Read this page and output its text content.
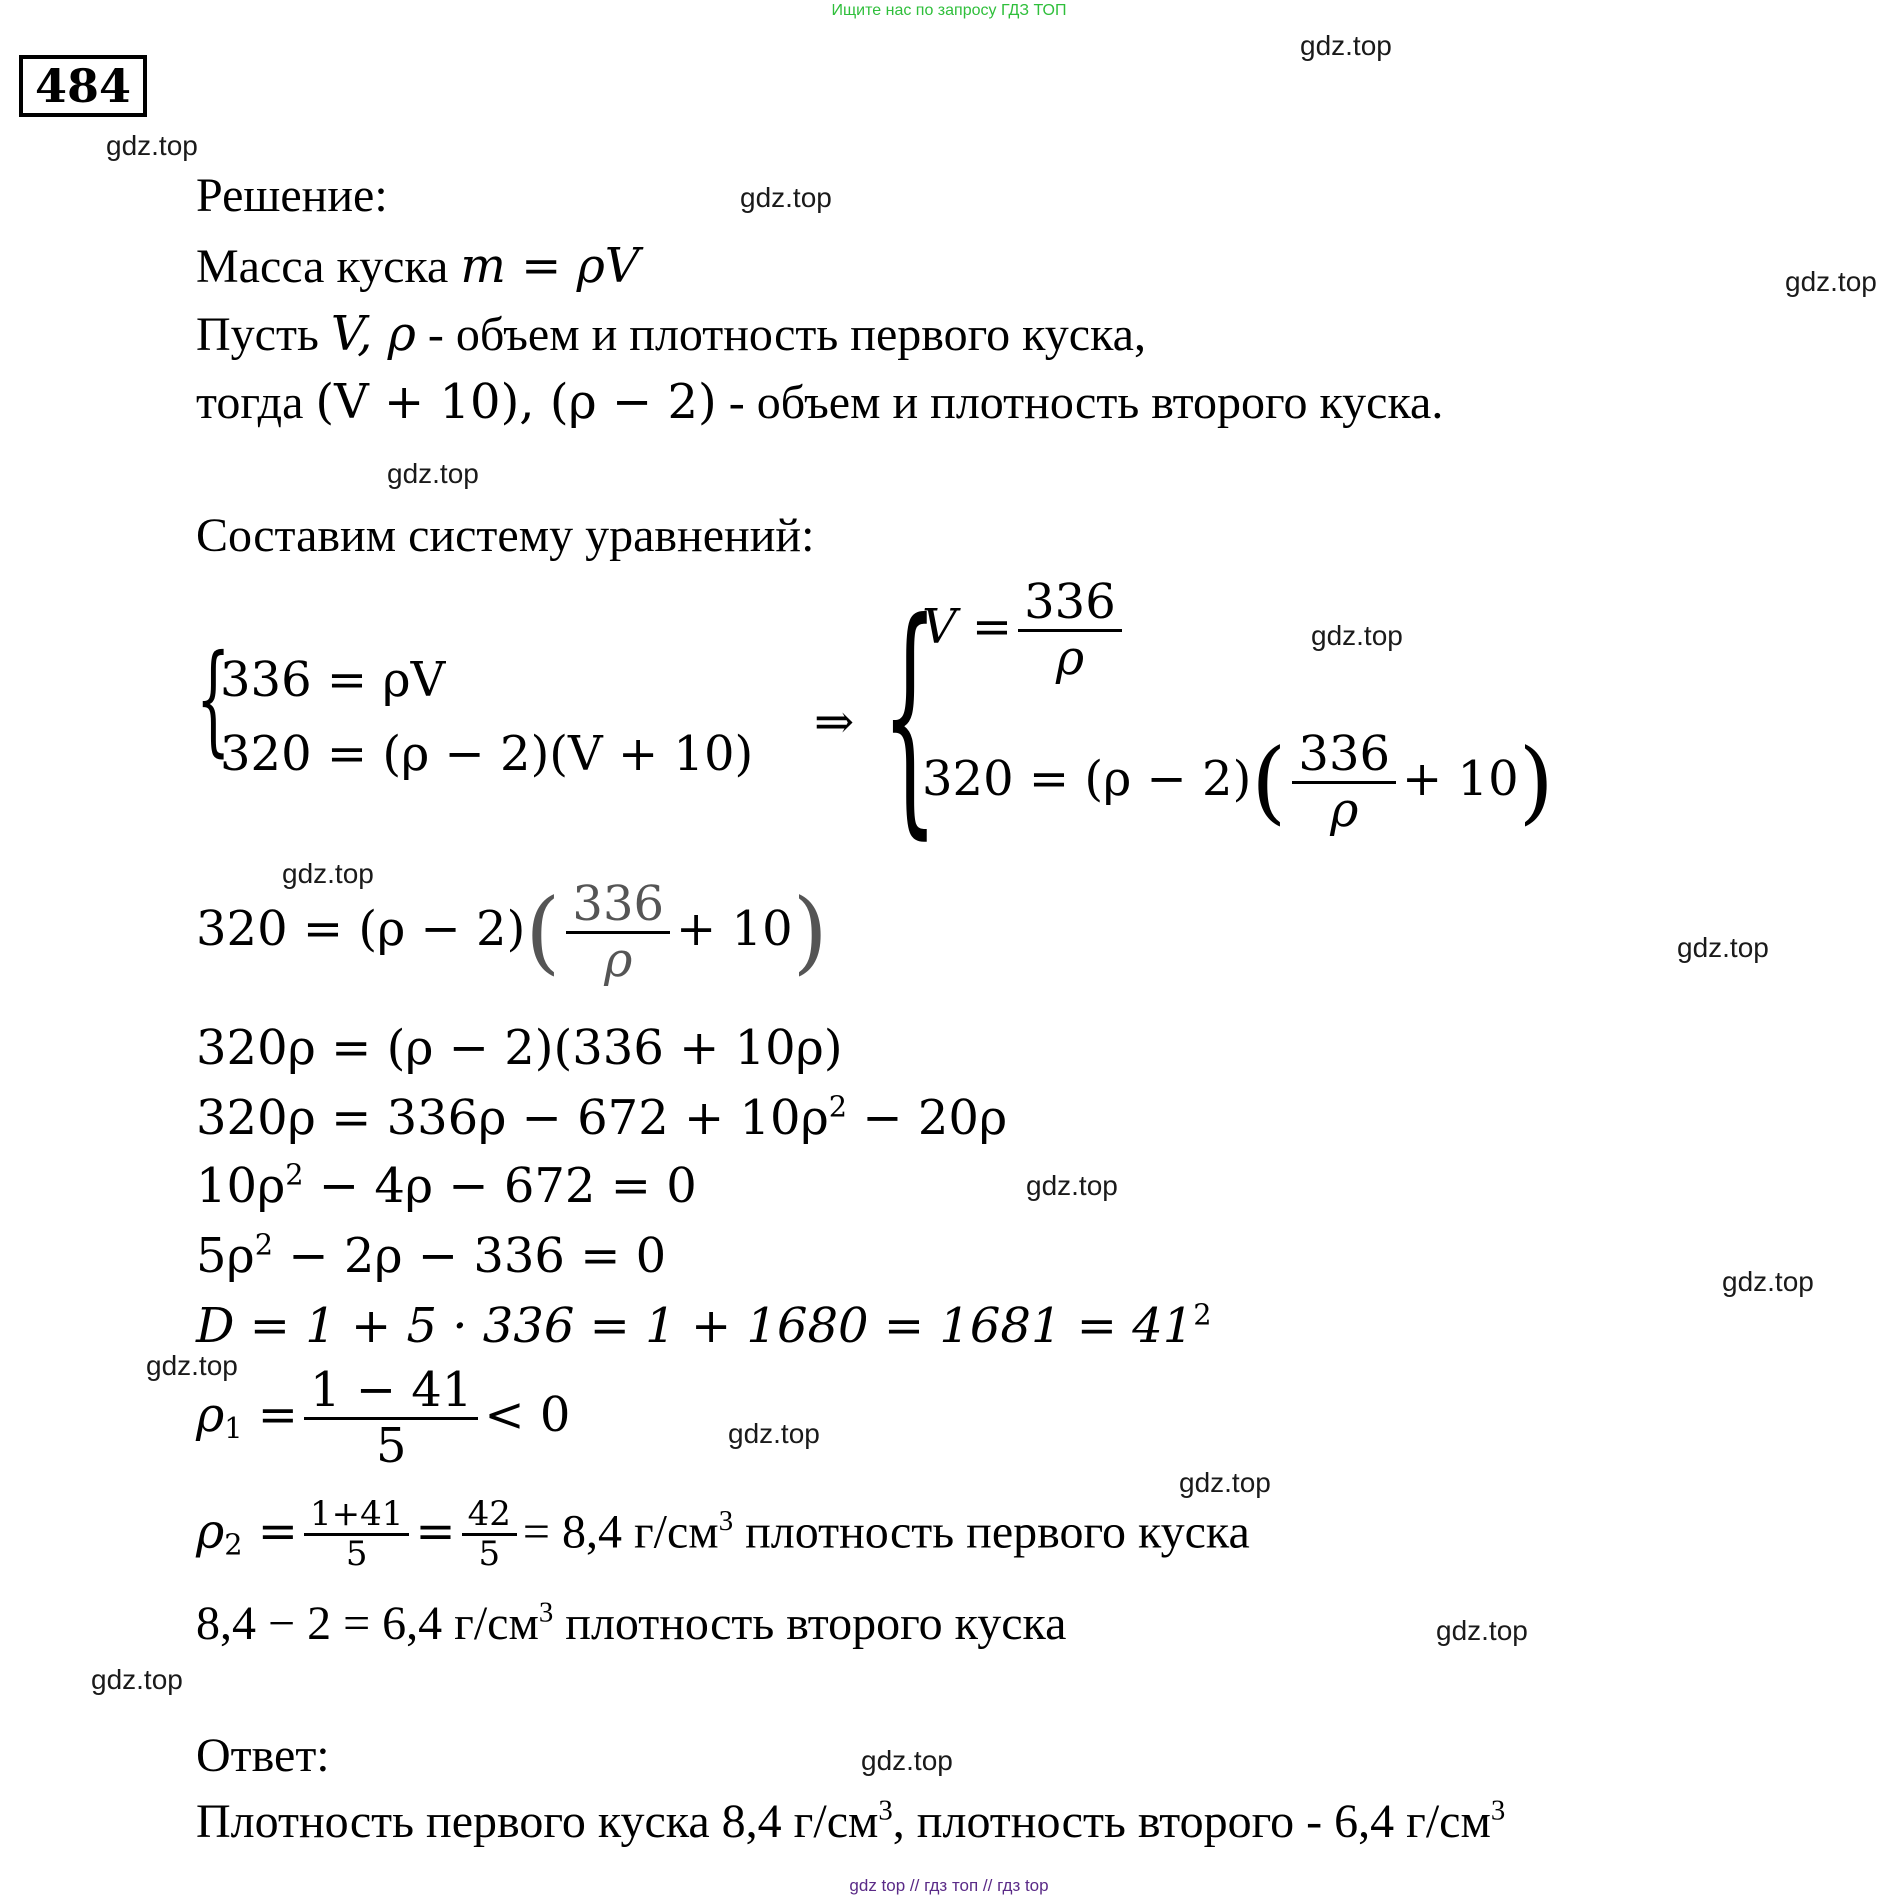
Ищите нас по запросу ГДЗ ТОП
484
gdz.top
gdz.top
gdz.top
gdz.top
gdz.top
gdz.top
gdz.top
gdz.top
gdz.top
gdz.top
gdz.top
gdz.top
gdz.top
gdz.top
gdz.top
gdz.top
Решение:
Масса куска m = ρV
Пусть V, ρ - объем и плотность первого куска,
тогда (V + 10), (ρ − 2) - объем и плотность второго куска.
Составим систему уравнений:
{
336 = ρV
320 = (ρ − 2)(V + 10)
⇒ {
$V = \frac{336}{\rho}$
$320 = (\rho - 2)( \frac{336}{\rho} + 10)$
$320 = (\rho - 2)( \frac{336}{\rho} + 10)$
320ρ = (ρ − 2)(336 + 10ρ)
$320\rho = 336\rho - 672 + 10\rho^2 - 20\rho$
$10\rho^2 - 4\rho - 672 = 0$
$5\rho^2 - 2\rho - 336 = 0$
$D = 1 + 5 \cdot 336 = 1 + 1680 = 1681 = 41^2$
$\rho_1 = \frac{1 - 41}{5} < 0$
$\rho_2 = \frac{1+41}{5} = \frac{42}{5} = 8,4$ $г/см^3$ плотность первого куска
8,4 − 2 = 6,4 $г/см^3$ плотность второго куска
Ответ:
Плотность первого куска 8,4 $г/см^3$, плотность второго - 6,4 $г/см^3$
gdz top // гдз топ // гдз top
